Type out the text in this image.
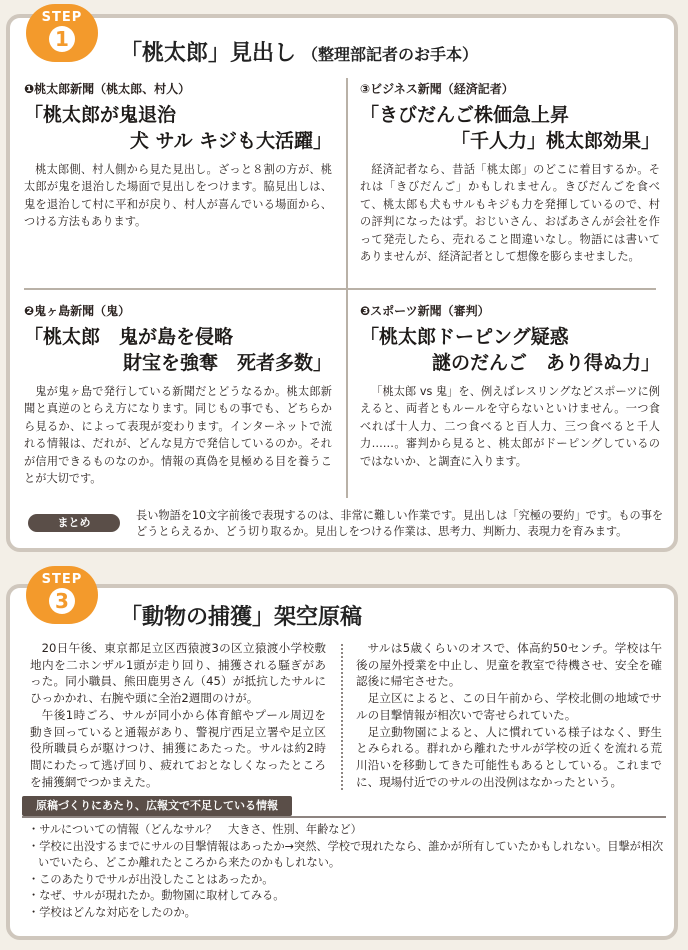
STEP
1
「桃太郎」見出し （整理部記者のお手本）
❶桃太郎新聞（桃太郎、村人）
「桃太郎が鬼退治
犬 サル キジも大活躍」
桃太郎側、村人側から見た見出し。ざっと８割の方が、桃太郎が鬼を退治した場面で見出しをつけます。脇見出しは、鬼を退治して村に平和が戻り、村人が喜んでいる場面から、つける方法もあります。
③ビジネス新聞（経済記者）
「きびだんご株価急上昇
「千人力」桃太郎効果」
経済記者なら、昔話「桃太郎」のどこに着目するか。それは「きびだんご」かもしれません。きびだんごを食べて、桃太郎も犬もサルもキジも力を発揮しているので、村の評判になったはず。おじいさん、おばあさんが会社を作って発売したら、売れること間違いなし。物語には書いてありませんが、経済記者として想像を膨らませました。
❷鬼ヶ島新聞（鬼）
「桃太郎　鬼が島を侵略
財宝を強奪　死者多数」
鬼が鬼ヶ島で発行している新聞だとどうなるか。桃太郎新聞と真逆のとらえ方になります。同じもの事でも、どちらから見るか、によって表現が変わります。インターネットで流れる情報は、だれが、どんな見方で発信しているのか。それが信用できるものなのか。情報の真偽を見極める目を養うことが大切です。
❸スポーツ新聞（審判）
「桃太郎ドーピング疑惑
謎のだんご　あり得ぬ力」
「桃太郎 vs 鬼」を、例えばレスリングなどスポーツに例えると、両者ともルールを守らないといけません。一つ食べれば十人力、二つ食べると百人力、三つ食べると千人力……。審判から見ると、桃太郎がドーピングしているのではないか、と調査に入ります。
まとめ
長い物語を10文字前後で表現するのは、非常に難しい作業です。見出しは「究極の要約」です。もの事をどうとらえるか、どう切り取るか。見出しをつける作業は、思考力、判断力、表現力を育みます。
STEP
3
「動物の捕獲」架空原稿

20日午後、東京都足立区西猿渡3の区立猿渡小学校敷地内を二ホンザル1頭が走り回り、捕獲される騒ぎがあった。同小職員、熊田鹿男さん（45）が抵抗したサルにひっかかれ、右腕や頭に全治2週間のけが。

午後1時ごろ、サルが同小から体育館やプール周辺を動き回っていると通報があり、警視庁西足立署や足立区役所職員らが駆けつけ、捕獲にあたった。サルは約2時間にわたって逃げ回り、疲れておとなしくなったところを捕獲網でつかまえた。

サルは5歳くらいのオスで、体高約50センチ。学校は午後の屋外授業を中止し、児童を教室で待機させ、安全を確認後に帰宅させた。

足立区によると、この日午前から、学校北側の地域でサルの目撃情報が相次いで寄せられていた。

足立動物園によると、人に慣れている様子はなく、野生とみられる。群れから離れたサルが学校の近くを流れる荒川沿いを移動してきた可能性もあるとしている。これまでに、現場付近でのサルの出没例はなかったという。

原稿づくりにあたり、広報文で不足している情報
・サルについての情報（どんなサル？　大きさ、性別、年齢など）
・学校に出没するまでにサルの目撃情報はあったか→突然、学校で現れたなら、誰かが所有していたかもしれない。目撃が相次いでいたら、どこか離れたところから来たのかもしれない。
・このあたりでサルが出没したことはあったか。
・なぜ、サルが現れたか。動物園に取材してみる。
・学校はどんな対応をしたのか。
